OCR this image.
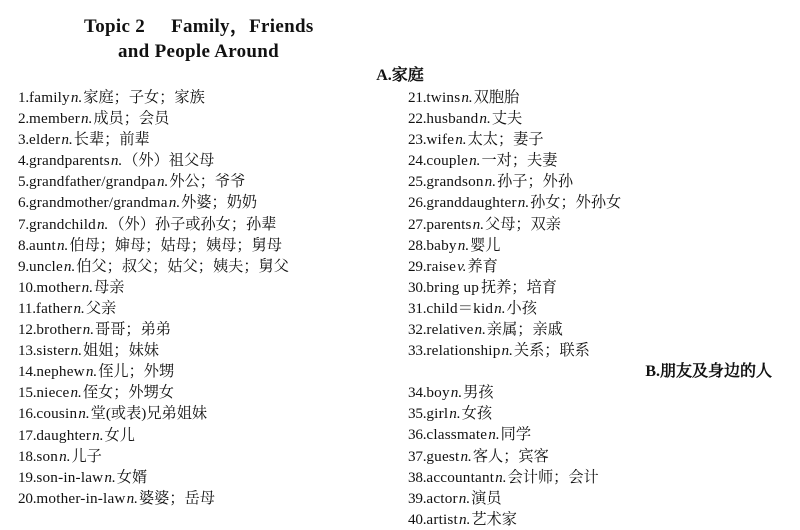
Topic 2 Family，Friends
and People Around
A.家庭
1.familyn.家庭；子女；家族
2.membern.成员；会员
3.eldern.长辈；前辈
4.grandparentsn.（外）祖父母
5.grandfather/grandpan.外公；爷爷
6.grandmother/grandman.外婆；奶奶
7.grandchildn.（外）孙子或孙女；孙辈
8.auntn.伯母；婶母；姑母；姨母；舅母
9.unclen.伯父；叔父；姑父；姨夫；舅父
10.mothern.母亲
11.fathern.父亲
12.brothern.哥哥；弟弟
13.sistern.姐姐；妹妹
14.nephewn.侄儿；外甥
15.niecen.侄女；外甥女
16.cousinn.堂(或表)兄弟姐妹
17.daughtern.女儿
18.sonn.儿子
19.son-in-lawn.女婿
20.mother-in-lawn.婆婆；岳母
21.twinsn.双胞胎
22.husbandn.丈夫
23.wifen.太太；妻子
24.couplen.一对；夫妻
25.grandsonn.孙子；外孙
26.granddaughtern.孙女；外孙女
27.parentsn.父母；双亲
28.babyn.婴儿
29.raisev.养育
30.bring up 抚养；培育
31.child＝kidn.小孩
32.relativen.亲属；亲戚
33.relationshipn.关系；联系
B.朋友及身边的人
34.boyn.男孩
35.girln.女孩
36.classmaten.同学
37.guestn.客人；宾客
38.accountantn.会计师；会计
39.actorn.演员
40.artistn.艺术家
